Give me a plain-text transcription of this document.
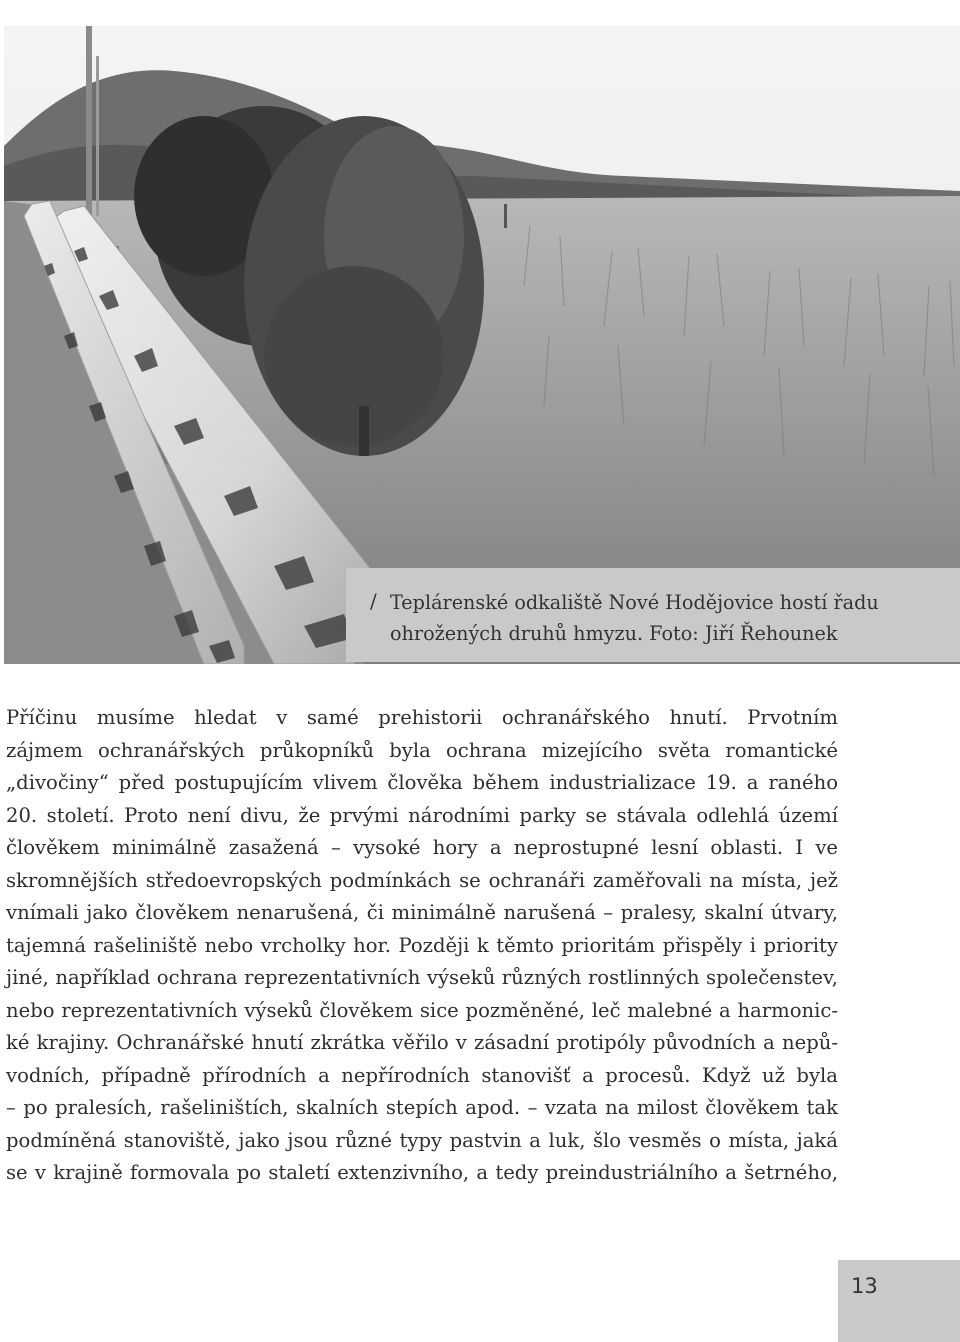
/ Teplárenské odkaliště Nové Hodějovice hostí řadu
ohrožených druhů hmyzu. Foto: Jiří Řehounek
Příčinu musíme hledat v samé prehistorii ochranářského hnutí. Prvotním
zájmem ochranářských průkopníků byla ochrana mizejícího světa romantické
„divočiny“ před postupujícím vlivem člověka během industrializace 19. a raného
20. století. Proto není divu, že prvými národními parky se stávala odlehlá území
člověkem minimálně zasažená – vysoké hory a neprostupné lesní oblasti. I ve
skromnějších středoevropských podmínkách se ochranáři zaměřovali na místa, jež
vnímali jako člověkem nenarušená, či minimálně narušená – pralesy, skalní útvary,
tajemná rašeliniště nebo vrcholky hor. Později k těmto prioritám přispěly i priority
jiné, například ochrana reprezentativních výseků různých rostlinných společenstev,
nebo reprezentativních výseků člověkem sice pozměněné, leč malebné a harmonic-
ké krajiny. Ochranářské hnutí zkrátka věřilo v zásadní protipóly původních a nepů-
vodních, případně přírodních a nepřírodních stanovišť a procesů. Když už byla
– po pralesích, rašeliništích, skalních stepích apod. – vzata na milost člověkem tak
podmíněná stanoviště, jako jsou různé typy pastvin a luk, šlo vesměs o místa, jaká
se v krajině formovala po staletí extenzivního, a tedy preindustriálního a šetrného,
13
